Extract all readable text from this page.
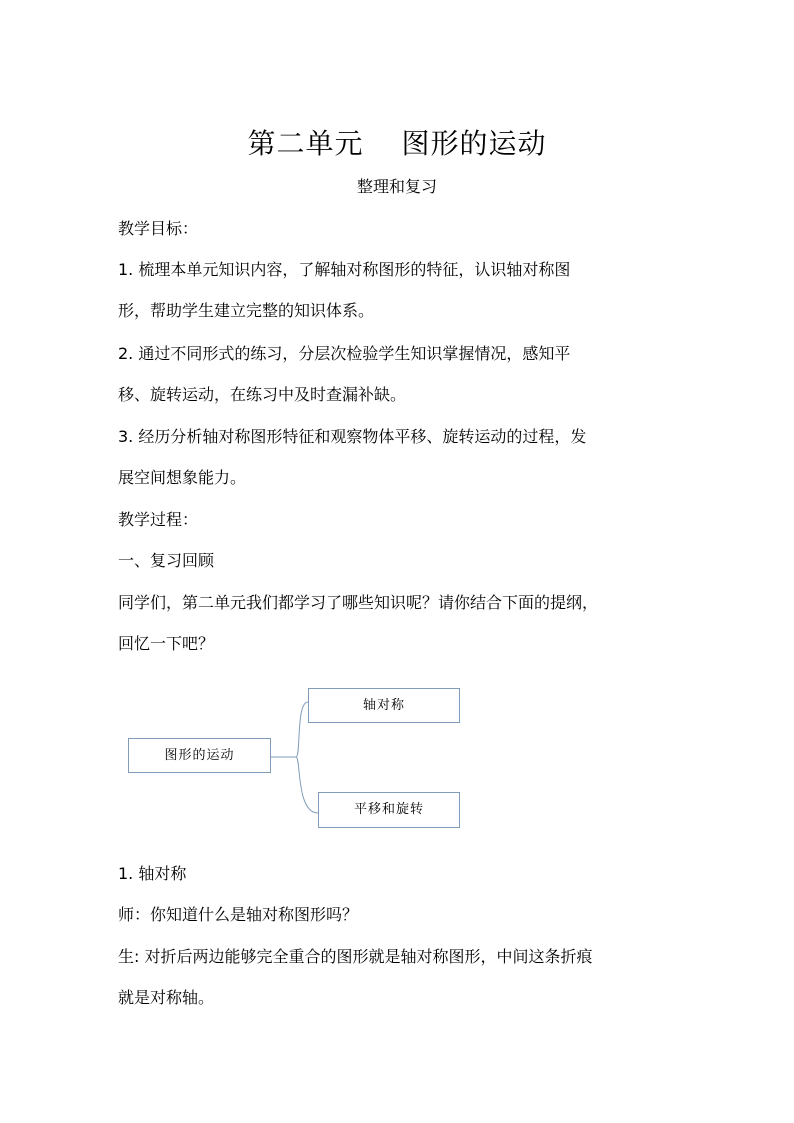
第二单元 图形的运动
整理和复习
教学目标：
1. 梳理本单元知识内容，了解轴对称图形的特征，认识轴对称图
形，帮助学生建立完整的知识体系。
2. 通过不同形式的练习，分层次检验学生知识掌握情况，感知平
移、旋转运动，在练习中及时查漏补缺。
3. 经历分析轴对称图形特征和观察物体平移、旋转运动的过程，发
展空间想象能力。
教学过程：
一、复习回顾
同学们，第二单元我们都学习了哪些知识呢？请你结合下面的提纲，
回忆一下吧？
图形的运动
轴对称
平移和旋转
1. 轴对称
师：你知道什么是轴对称图形吗？
生: 对折后两边能够完全重合的图形就是轴对称图形，中间这条折痕
就是对称轴。
